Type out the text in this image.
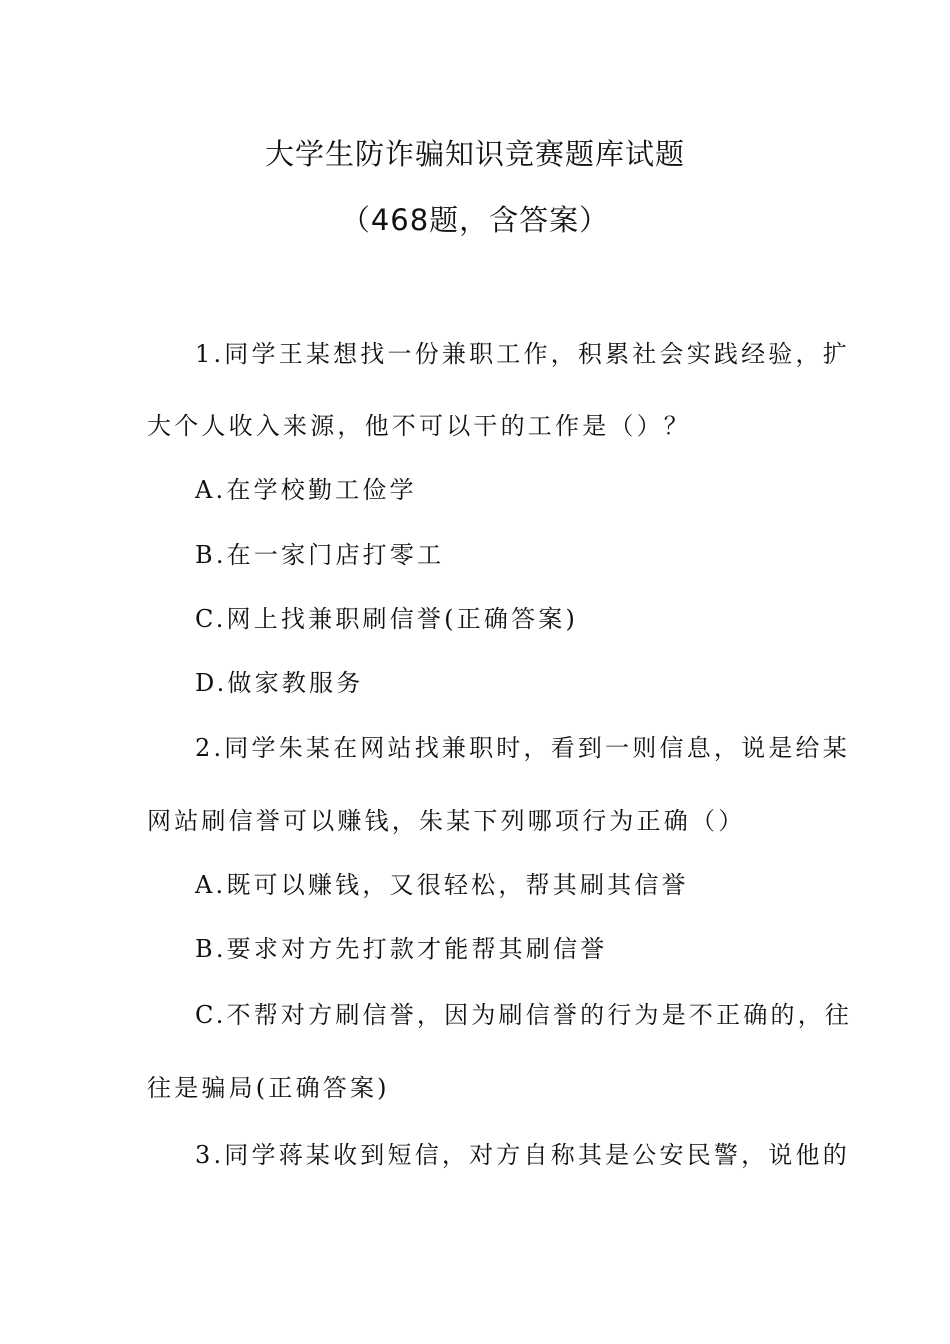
大学生防诈骗知识竞赛题库试题
（468题，含答案）
1.同学王某想找一份兼职工作，积累社会实践经验，扩
大个人收入来源，他不可以干的工作是（）？
A.在学校勤工俭学
B.在一家门店打零工
C.网上找兼职刷信誉(正确答案)
D.做家教服务
2.同学朱某在网站找兼职时，看到一则信息，说是给某
网站刷信誉可以赚钱，朱某下列哪项行为正确（）
A.既可以赚钱，又很轻松，帮其刷其信誉
B.要求对方先打款才能帮其刷信誉
C.不帮对方刷信誉，因为刷信誉的行为是不正确的，往
往是骗局(正确答案)
3.同学蒋某收到短信，对方自称其是公安民警，说他的
